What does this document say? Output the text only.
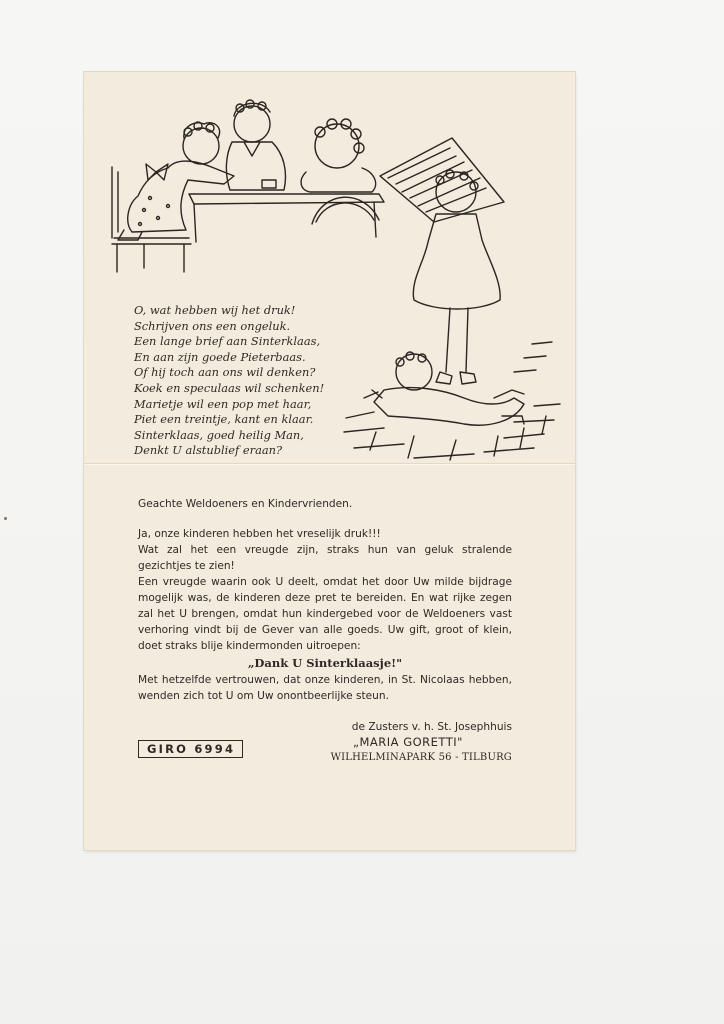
O, wat hebben wij het druk!
Schrijven ons een ongeluk.
Een lange brief aan Sinterklaas,
En aan zijn goede Pieterbaas.
Of hij toch aan ons wil denken?
Koek en speculaas wil schenken!
Marietje wil een pop met haar,
Piet een treintje, kant en klaar.
Sinterklaas, goed heilig Man,
Denkt U alstublief eraan?

Geachte Weldoeners en Kindervrienden.

Ja, onze kinderen hebben het vreselijk druk!!!

Wat zal het een vreugde zijn, straks hun van geluk stralende gezichtjes te zien!

Een vreugde waarin ook U deelt, omdat het door Uw milde bijdrage mogelijk was, de kinderen deze pret te bereiden. En wat rijke zegen zal het U brengen, omdat hun kindergebed voor de Weldoeners vast verhoring vindt bij de Gever van alle goeds. Uw gift, groot of klein, doet straks blije kindermonden uitroepen:

„Dank U Sinterklaasje!"

Met hetzelfde vertrouwen, dat onze kinderen, in St. Nicolaas hebben, wenden zich tot U om Uw onontbeerlijke steun.

de Zusters v. h. St. Josephhuis
„MARIA GORETTI"
WILHELMINAPARK 56 - TILBURG
GIRO 6994
